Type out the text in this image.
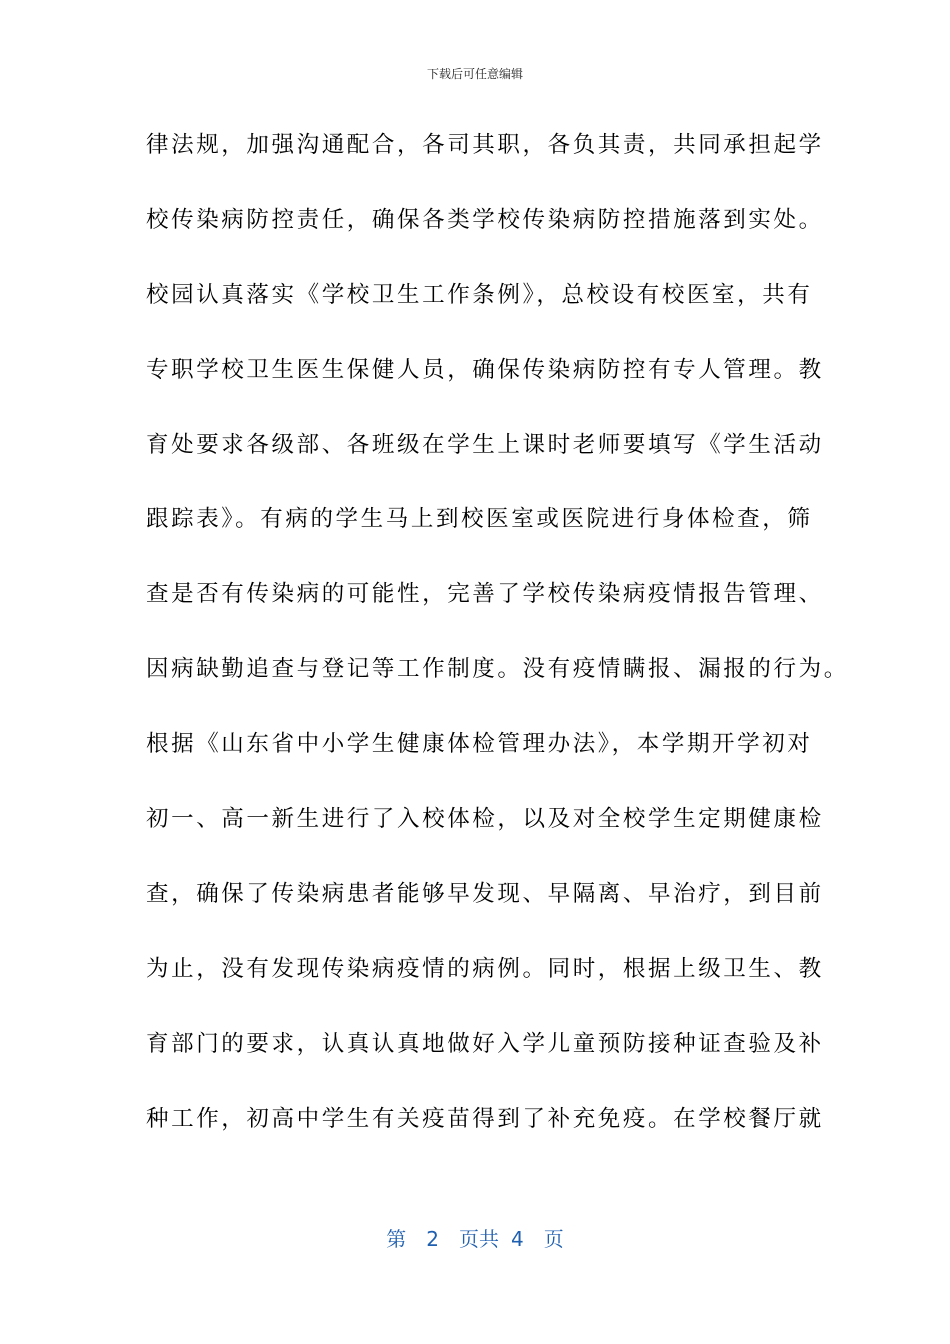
下载后可任意编辑
律法规，加强沟通配合，各司其职，各负其责，共同承担起学
校传染病防控责任，确保各类学校传染病防控措施落到实处。
校园认真落实《学校卫生工作条例》，总校设有校医室，共有
专职学校卫生医生保健人员，确保传染病防控有专人管理。教
育处要求各级部、各班级在学生上课时老师要填写《学生活动
跟踪表》。有病的学生马上到校医室或医院进行身体检查，筛
查是否有传染病的可能性，完善了学校传染病疫情报告管理、
因病缺勤追查与登记等工作制度。没有疫情瞒报、漏报的行为。
根据《山东省中小学生健康体检管理办法》，本学期开学初对
初一、高一新生进行了入校体检，以及对全校学生定期健康检
查，确保了传染病患者能够早发现、早隔离、早治疗，到目前
为止，没有发现传染病疫情的病例。同时，根据上级卫生、教
育部门的要求，认真认真地做好入学儿童预防接种证查验及补
种工作，初高中学生有关疫苗得到了补充免疫。在学校餐厅就
第 2 页共 4 页
